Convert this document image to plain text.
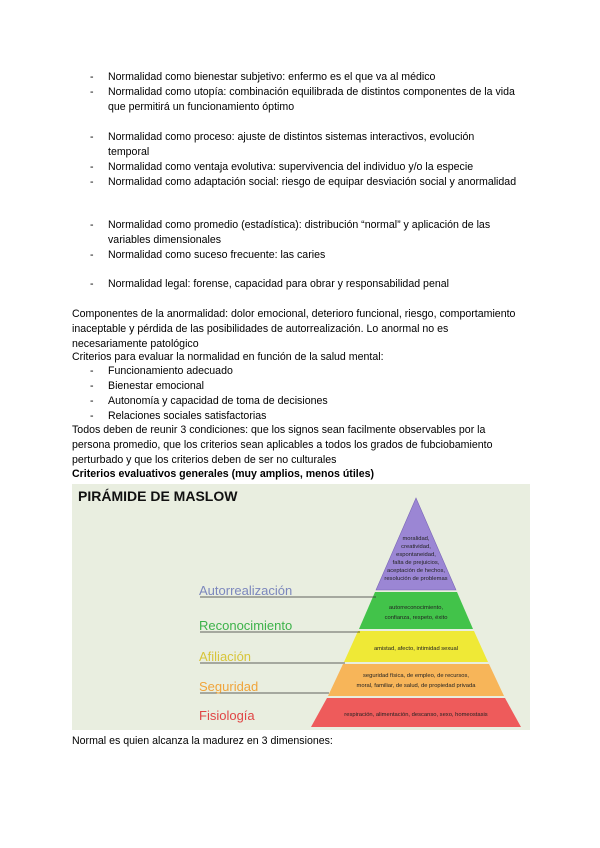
- Normalidad como bienestar subjetivo: enfermo es el que va al médico
- Normalidad como utopía: combinación equilibrada de distintos componentes de la vida que permitirá un funcionamiento óptimo
- Normalidad como proceso: ajuste de distintos sistemas interactivos, evolución temporal
- Normalidad como ventaja evolutiva: supervivencia del individuo y/o la especie
- Normalidad como adaptación social: riesgo de equipar desviación social y anormalidad
- Normalidad como promedio (estadística): distribución “normal” y aplicación de las variables dimensionales
- Normalidad como suceso frecuente: las caries
- Normalidad legal: forense, capacidad para obrar y responsabilidad penal
Componentes de la anormalidad: dolor emocional, deterioro funcional, riesgo, comportamiento inaceptable y pérdida de las posibilidades de autorrealización. Lo anormal no es necesariamente patológico
Criterios para evaluar la normalidad en función de la salud mental:
- Funcionamiento adecuado
- Bienestar emocional
- Autonomía y capacidad de toma de decisiones
- Relaciones sociales satisfactorias
Todos deben de reunir 3 condiciones: que los signos sean facilmente observables por la persona promedio, que los criterios sean aplicables a todos los grados de fubciobamiento perturbado y que los criterios deben de ser no culturales
Criterios evaluativos generales (muy amplios, menos útiles)
PIRÁMIDE DE MASLOW
Autorrealización
Reconocimiento
Afiliación
Seguridad
Fisiología
moralidad,
creatividad,
espontaneidad,
falta de prejuicios,
aceptación de hechos,
resolución de problemas
autorreconocimiento,
confianza, respeto, éxito
amistad, afecto, intimidad sexual
seguridad física, de empleo, de recursos,
moral, familiar, de salud, de propiedad privada
respiración, alimentación, descanso, sexo, homeostasis
Normal es quien alcanza la madurez en 3 dimensiones:
